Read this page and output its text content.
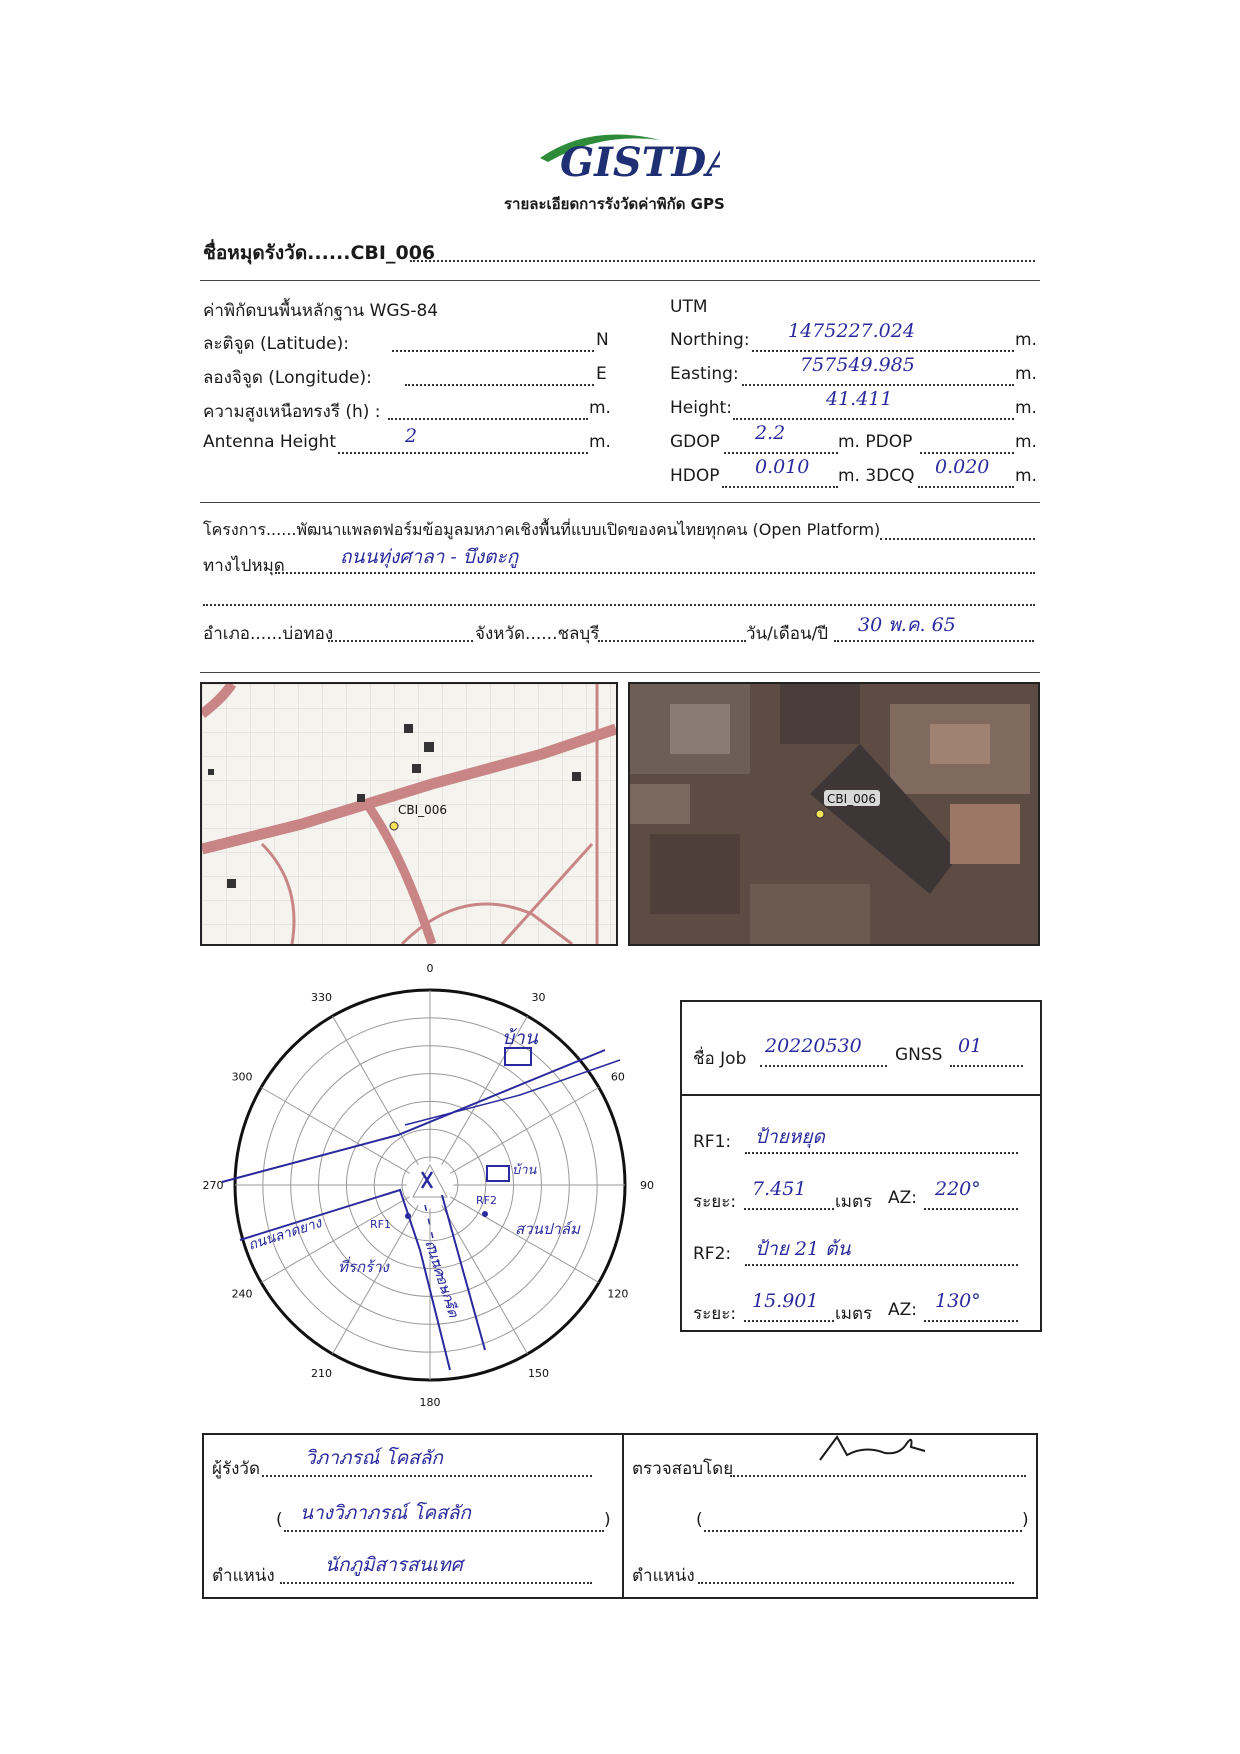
GISTDA
รายละเอียดการรังวัดค่าพิกัด GPS
ชื่อหมุดรังวัด......CBI_006
ค่าพิกัดบนพื้นหลักฐาน WGS-84
ละติจูด (Latitude):	N
ลองจิจูด (Longitude):	E
ความสูงเหนือทรงรี (h) :	m.
Antenna Height	2	m.
UTM
Northing: 1475227.024	m.
Easting:	757549.985	m.
Height:	41.411	m.
GDOP 2.2	m. PDOP	m.
HDOP 0.010 m. 3DCQ 0.020 m.
โครงการ......พัฒนาแพลตฟอร์มข้อมูลมหภาคเชิงพื้นที่แบบเปิดของคนไทยทุกคน (Open Platform)
ทางไปหมุด	ถนนทุ่งศาลา - บึงตะกู
อำเภอ......บ่อทอง	จังหวัด......ชลบุรี	วัน/เดือน/ปี 30 พ.ค. 65
CBI_006
CBI_006
0
30
60
90
120
150
180
210
240
270
300
330
บ้าน
บ้าน
ถนนลาดยาง
ถนนคอนกรีต
RF1
RF2
ที่รกร้าง
สวนปาล์ม
ชื่อ Job
20220530 GNSS 01
RF1: ป้ายหยุด
ระยะ:
7.451
เมตร AZ: 220°
RF2: ป้าย 21 ต้น
ระยะ:
15.901
เมตร AZ: 130°
ผู้รังวัด วิภาภรณ์ โคสลัก
( นางวิภาภรณ์ โคสลัก	)
ตำแหน่ง	นักภูมิสารสนเทศ
ตรวจสอบโดย
(	)
ตำแหน่ง
